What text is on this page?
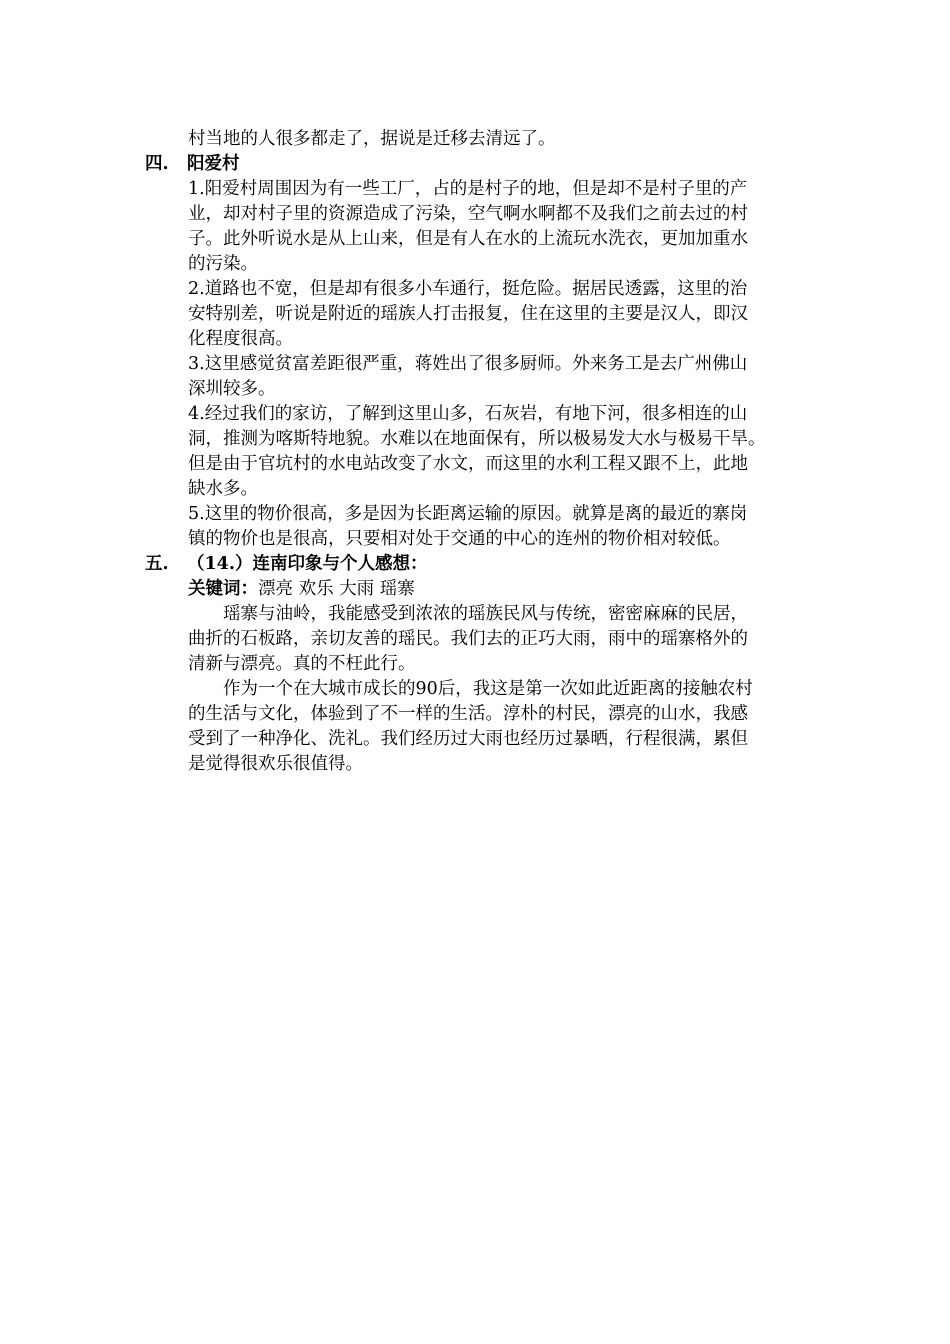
村当地的人很多都走了，据说是迁移去清远了。
四. 阳爱村
1.阳爱村周围因为有一些工厂，占的是村子的地，但是却不是村子里的产
业，却对村子里的资源造成了污染，空气啊水啊都不及我们之前去过的村
子。此外听说水是从上山来，但是有人在水的上流玩水洗衣，更加加重水
的污染。
2.道路也不宽，但是却有很多小车通行，挺危险。据居民透露，这里的治
安特别差，听说是附近的瑶族人打击报复，住在这里的主要是汉人，即汉
化程度很高。
3.这里感觉贫富差距很严重，蒋姓出了很多厨师。外来务工是去广州佛山
深圳较多。
4.经过我们的家访，了解到这里山多，石灰岩，有地下河，很多相连的山
洞，推测为喀斯特地貌。水难以在地面保有，所以极易发大水与极易干旱。
但是由于官坑村的水电站改变了水文，而这里的水利工程又跟不上，此地
缺水多。
5.这里的物价很高，多是因为长距离运输的原因。就算是离的最近的寨岗
镇的物价也是很高，只要相对处于交通的中心的连州的物价相对较低。
五. （14.）连南印象与个人感想：
关键词：漂亮 欢乐 大雨 瑶寨
　　瑶寨与油岭，我能感受到浓浓的瑶族民风与传统，密密麻麻的民居，
曲折的石板路，亲切友善的瑶民。我们去的正巧大雨，雨中的瑶寨格外的
清新与漂亮。真的不枉此行。
　　作为一个在大城市成长的90后，我这是第一次如此近距离的接触农村
的生活与文化，体验到了不一样的生活。淳朴的村民，漂亮的山水，我感
受到了一种净化、洗礼。我们经历过大雨也经历过暴晒，行程很满，累但
是觉得很欢乐很值得。
